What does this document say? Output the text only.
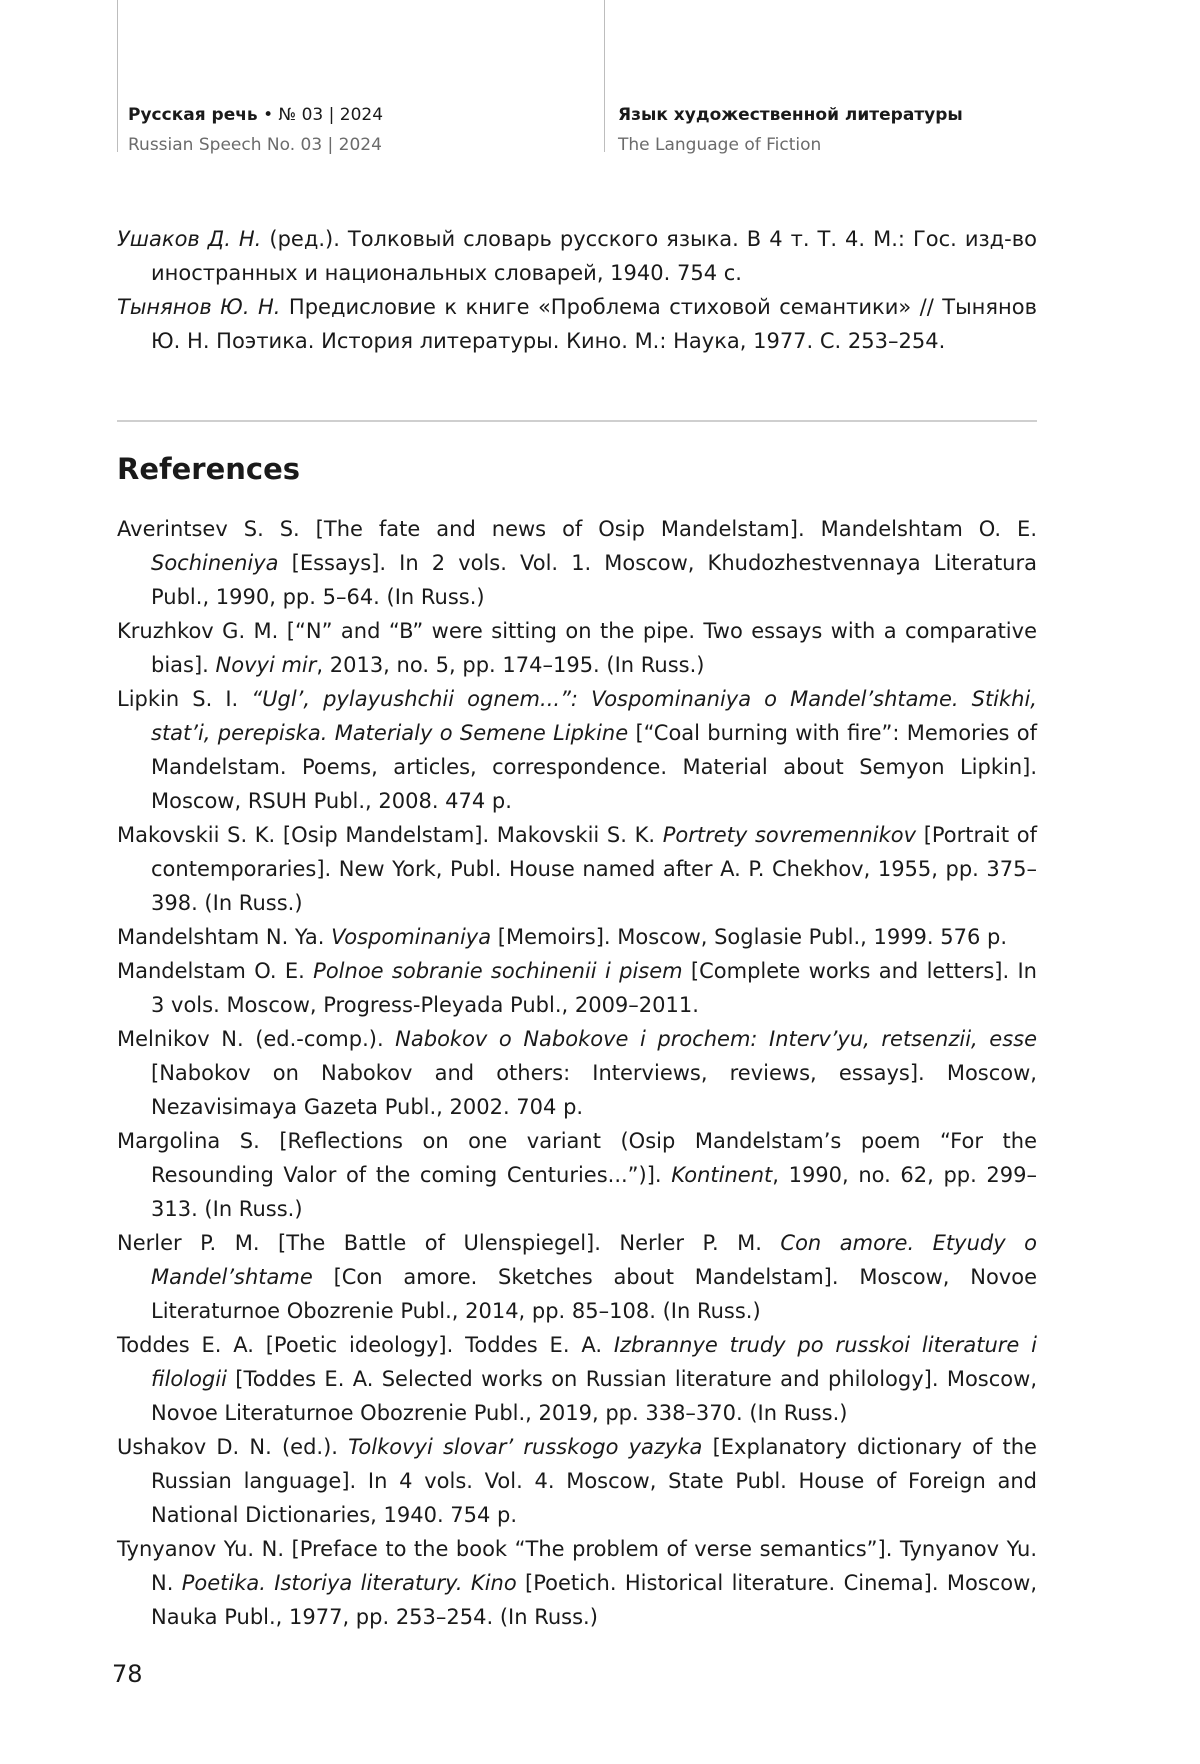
Русская речь • № 03 | 2024
Russian Speech No. 03 | 2024
Язык художественной литературы
The Language of Fiction

Ушаков Д. Н. (ред.). Толковый словарь русского языка. В 4 т. Т. 4. М.: Гос. изд-во иностранных и национальных словарей, 1940. 754 с.

Тынянов Ю. Н. Предисловие к книге «Проблема стиховой семантики» // Тынянов Ю. Н. Поэтика. История литературы. Кино. М.: Наука, 1977. С. 253–254.

References

Averintsev S. S. [The fate and news of Osip Mandelstam]. Mandelshtam O. E. Sochineniya [Essays]. In 2 vols. Vol. 1. Moscow, Khudozhestvennaya Literatura Publ., 1990, pp. 5–64. (In Russ.)

Kruzhkov G. M. [“N” and “B” were sitting on the pipe. Two essays with a comparative bias]. Novyi mir, 2013, no. 5, pp. 174–195. (In Russ.)

Lipkin S. I. “Ugl’, pylayushchii ognem...”: Vospominaniya o Mandel’shtame. Stikhi, stat’i, perepiska. Materialy o Semene Lipkine [“Coal burning with fire”: Memories of Mandelstam. Poems, articles, correspondence. Material about Semyon Lipkin]. Moscow, RSUH Publ., 2008. 474 p.

Makovskii S. K. [Osip Mandelstam]. Makovskii S. K. Portrety sovremennikov [Portrait of contemporaries]. New York, Publ. House named after A. P. Chekhov, 1955, pp. 375–398. (In Russ.)

Mandelshtam N. Ya. Vospominaniya [Memoirs]. Moscow, Soglasie Publ., 1999. 576 p.

Mandelstam O. E. Polnoe sobranie sochinenii i pisem [Complete works and letters]. In 3 vols. Moscow, Progress-Pleyada Publ., 2009–2011.

Melnikov N. (ed.-comp.). Nabokov o Nabokove i prochem: Interv’yu, retsenzii, esse [Nabokov on Nabokov and others: Interviews, reviews, essays]. Moscow, Nezavisimaya Gazeta Publ., 2002. 704 p.

Margolina S. [Reflections on one variant (Osip Mandelstam’s poem “For the Resounding Valor of the coming Centuries...”)]. Kontinent, 1990, no. 62, pp. 299–313. (In Russ.)

Nerler P. M. [The Battle of Ulenspiegel]. Nerler P. M. Con amore. Etyudy o Mandel’shtame [Con amore. Sketches about Mandelstam]. Moscow, Novoe Literaturnoe Obozrenie Publ., 2014, pp. 85–108. (In Russ.)

Toddes E. A. [Poetic ideology]. Toddes E. A. Izbrannye trudy po russkoi literature i filologii [Toddes E. A. Selected works on Russian literature and philology]. Moscow, Novoe Literaturnoe Obozrenie Publ., 2019, pp. 338–370. (In Russ.)

Ushakov D. N. (ed.). Tolkovyi slovar’ russkogo yazyka [Explanatory dictionary of the Russian language]. In 4 vols. Vol. 4. Moscow, State Publ. House of Foreign and National Dictionaries, 1940. 754 p.

Tynyanov Yu. N. [Preface to the book “The problem of verse semantics”]. Tynyanov Yu. N. Poetika. Istoriya literatury. Kino [Poetich. Historical literature. Cinema]. Moscow, Nauka Publ., 1977, pp. 253–254. (In Russ.)

78
